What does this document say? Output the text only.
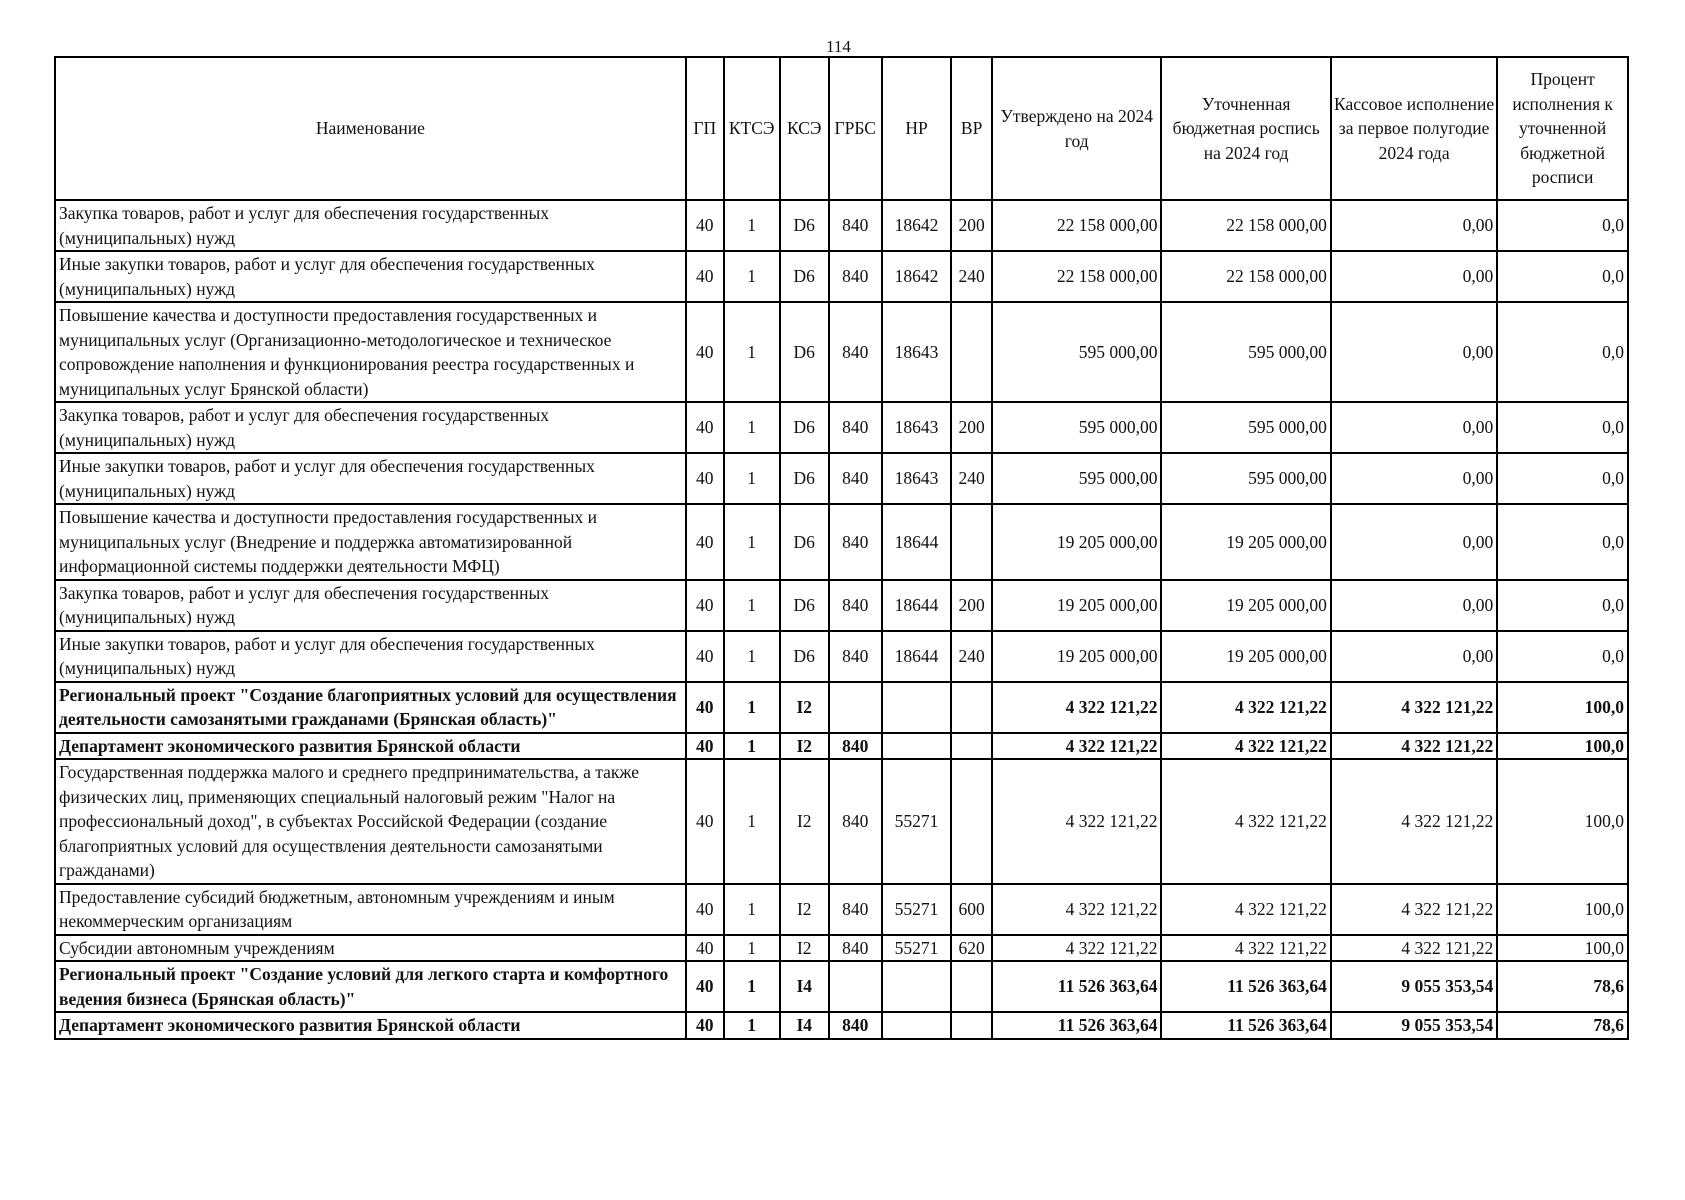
114
Наименование	ГП	КТСЭ	КСЭ	ГРБС	НР	ВР	Утверждено на 2024 год	Уточненная бюджетная роспись на 2024 год	Кассовое исполнение за первое полугодие 2024 года	Процент исполнения к уточненной бюджетной росписи
Закупка товаров, работ и услуг для обеспечения государственных (муниципальных) нужд	40	1	D6	840	18642	200	22 158 000,00	22 158 000,00	0,00	0,0
Иные закупки товаров, работ и услуг для обеспечения государственных (муниципальных) нужд	40	1	D6	840	18642	240	22 158 000,00	22 158 000,00	0,00	0,0
Повышение качества и доступности предоставления государственных и муниципальных услуг (Организационно-методологическое и техническое сопровождение наполнения и функционирования реестра государственных и муниципальных услуг Брянской области)	40	1	D6	840	18643		595 000,00	595 000,00	0,00	0,0
Закупка товаров, работ и услуг для обеспечения государственных (муниципальных) нужд	40	1	D6	840	18643	200	595 000,00	595 000,00	0,00	0,0
Иные закупки товаров, работ и услуг для обеспечения государственных (муниципальных) нужд	40	1	D6	840	18643	240	595 000,00	595 000,00	0,00	0,0
Повышение качества и доступности предоставления государственных и муниципальных услуг (Внедрение и поддержка автоматизированной информационной системы поддержки деятельности МФЦ)	40	1	D6	840	18644		19 205 000,00	19 205 000,00	0,00	0,0
Закупка товаров, работ и услуг для обеспечения государственных (муниципальных) нужд	40	1	D6	840	18644	200	19 205 000,00	19 205 000,00	0,00	0,0
Иные закупки товаров, работ и услуг для обеспечения государственных (муниципальных) нужд	40	1	D6	840	18644	240	19 205 000,00	19 205 000,00	0,00	0,0
Региональный проект "Создание благоприятных условий для осуществления деятельности самозанятыми гражданами (Брянская область)"	40	1	I2				4 322 121,22	4 322 121,22	4 322 121,22	100,0
Департамент экономического развития Брянской области	40	1	I2	840			4 322 121,22	4 322 121,22	4 322 121,22	100,0
Государственная поддержка малого и среднего предпринимательства, а также физических лиц, применяющих специальный налоговый режим "Налог на профессиональный доход", в субъектах Российской Федерации (создание благоприятных условий для осуществления деятельности самозанятыми гражданами)	40	1	I2	840	55271		4 322 121,22	4 322 121,22	4 322 121,22	100,0
Предоставление субсидий бюджетным, автономным учреждениям и иным некоммерческим организациям	40	1	I2	840	55271	600	4 322 121,22	4 322 121,22	4 322 121,22	100,0
Субсидии автономным учреждениям	40	1	I2	840	55271	620	4 322 121,22	4 322 121,22	4 322 121,22	100,0
Региональный проект "Создание условий для легкого старта и комфортного ведения бизнеса (Брянская область)"	40	1	I4				11 526 363,64	11 526 363,64	9 055 353,54	78,6
Департамент экономического развития Брянской области	40	1	I4	840			11 526 363,64	11 526 363,64	9 055 353,54	78,6
